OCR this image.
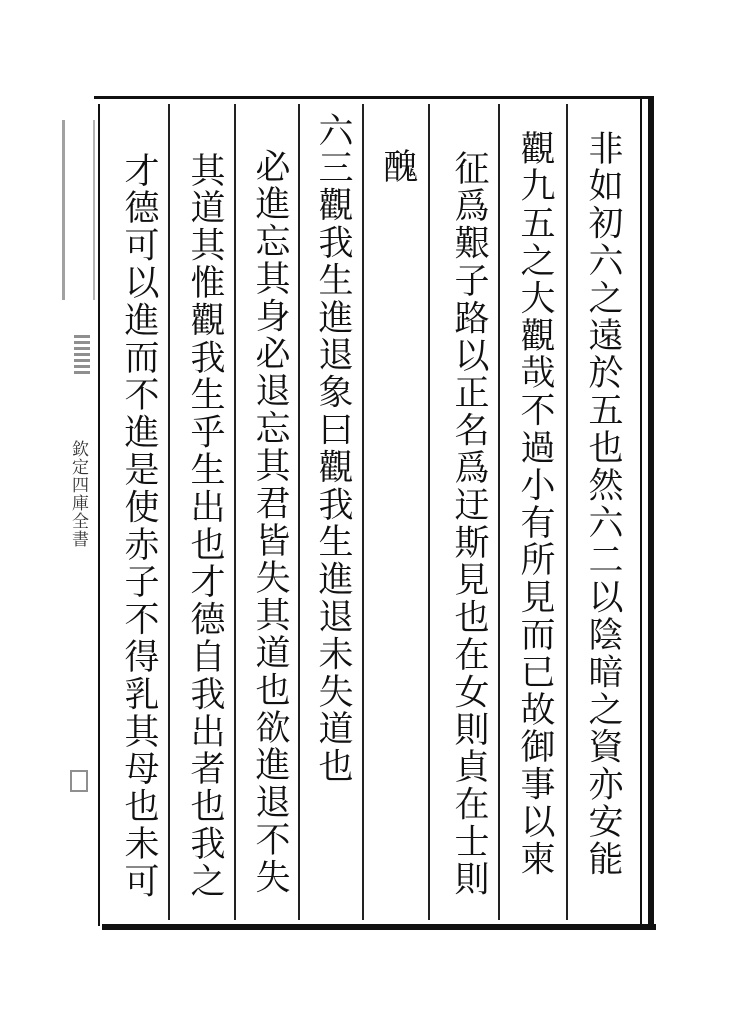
欽定四庫全書	非如初六之遠於五也然六二以陰暗之資亦安能
觀九五之大觀哉不過小有所見而已故御事以柬
征爲艱子路以正名爲迂斯見也在女則貞在士則
醜
六三觀我生進退象曰觀我生進退未失道也
必進忘其身必退忘其君皆失其道也欲進退不失
其道其惟觀我生乎生出也才德自我出者也我之
才德可以進而不進是使赤子不得乳其母也未可
